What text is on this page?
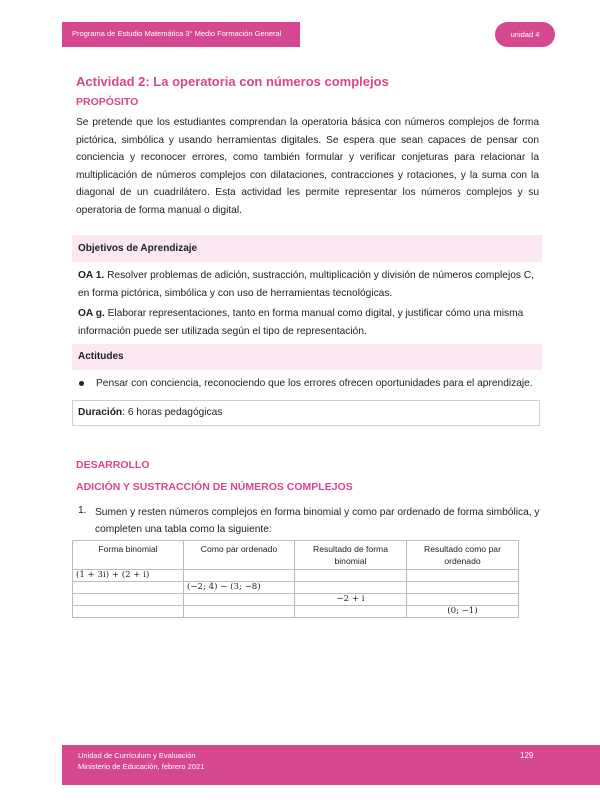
Programa de Estudio Matemática 3° Medio Formación General	unidad 4
Actividad 2: La operatoria con números complejos
PROPÓSITO
Se pretende que los estudiantes comprendan la operatoria básica con números complejos de forma pictórica, simbólica y usando herramientas digitales. Se espera que sean capaces de pensar con conciencia y reconocer errores, como también formular y verificar conjeturas para relacionar la multiplicación de números complejos con dilataciones, contracciones y rotaciones, y la suma con la diagonal de un cuadrilátero. Esta actividad les permite representar los números complejos y su operatoria de forma manual o digital.
Objetivos de Aprendizaje
OA 1. Resolver problemas de adición, sustracción, multiplicación y división de números complejos C, en forma pictórica, simbólica y con uso de herramientas tecnológicas.
OA g. Elaborar representaciones, tanto en forma manual como digital, y justificar cómo una misma información puede ser utilizada según el tipo de representación.
Actitudes
Pensar con conciencia, reconociendo que los errores ofrecen oportunidades para el aprendizaje.
Duración: 6 horas pedagógicas
DESARROLLO
ADICIÓN Y SUSTRACCIÓN DE NÚMEROS COMPLEJOS
1. Sumen y resten números complejos en forma binomial y como par ordenado de forma simbólica, y completen una tabla como la siguiente:
Forma binomial	Como par ordenado	Resultado de forma binomial	Resultado como par ordenado
(1 + 3i) + (2 + i)			
	(−2; 4) − (3; −8)		
		−2 + i	
			(0; −1)
Unidad de Currículum y Evaluación
Ministerio de Educación, febrero 2021
129
